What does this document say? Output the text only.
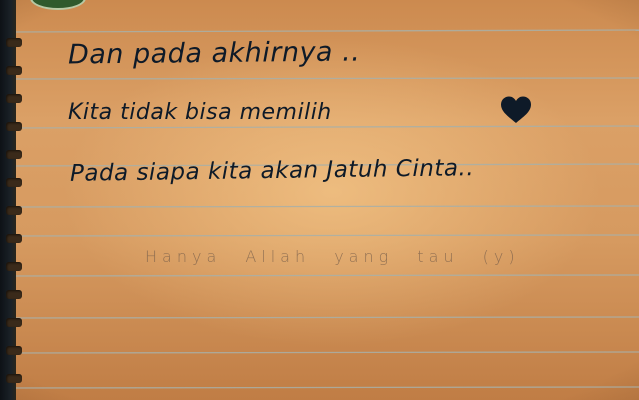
Dan pada akhirnya ..

Kita tidak bisa memilih

Pada siapa kita akan Jatuh Cinta..

Hanya Allah yang tau (y)
